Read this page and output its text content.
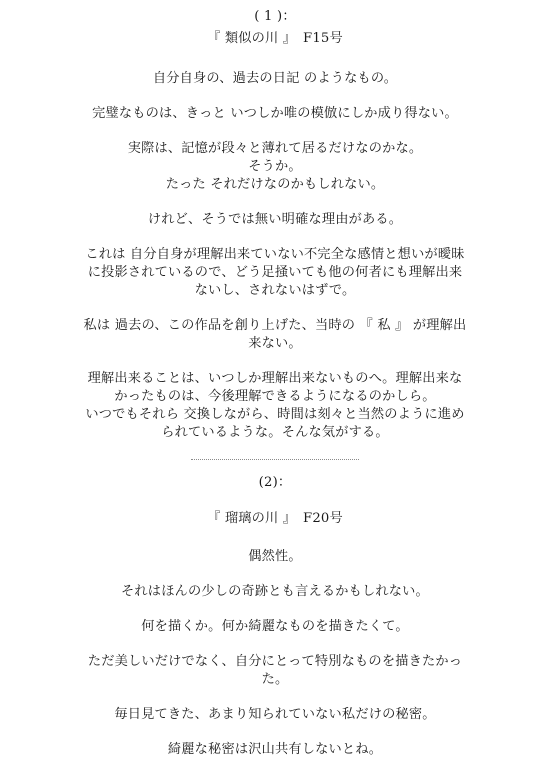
( 1 )：

『 類似の川 』　F15号

自分自身の、過去の日記 のようなもの。

完璧なものは、きっと いつしか唯の模倣にしか成り得ない。

実際は、記憶が段々と薄れて居るだけなのかな。

そうか。

たった それだけなのかもしれない。

けれど、そうでは無い明確な理由がある。

これは 自分自身が理解出来ていない不完全な感情と想いが曖昧

に投影されているので、どう足掻いても他の何者にも理解出来

ないし、されないはずで。

私は 過去の、この作品を創り上げた、当時の 『 私 』 が理解出

来ない。

理解出来ることは、いつしか理解出来ないものへ。理解出来な

かったものは、今後理解できるようになるのかしら。

いつでもそれら 交換しながら、時間は刻々と当然のように進め

られているような。そんな気がする。

(2)：

『 瑠璃の川 』　F20号

偶然性。

それはほんの少しの奇跡とも言えるかもしれない。

何を描くか。何か綺麗なものを描きたくて。

ただ美しいだけでなく、自分にとって特別なものを描きたかっ

た。

毎日見てきた、あまり知られていない私だけの秘密。

綺麗な秘密は沢山共有しないとね。
